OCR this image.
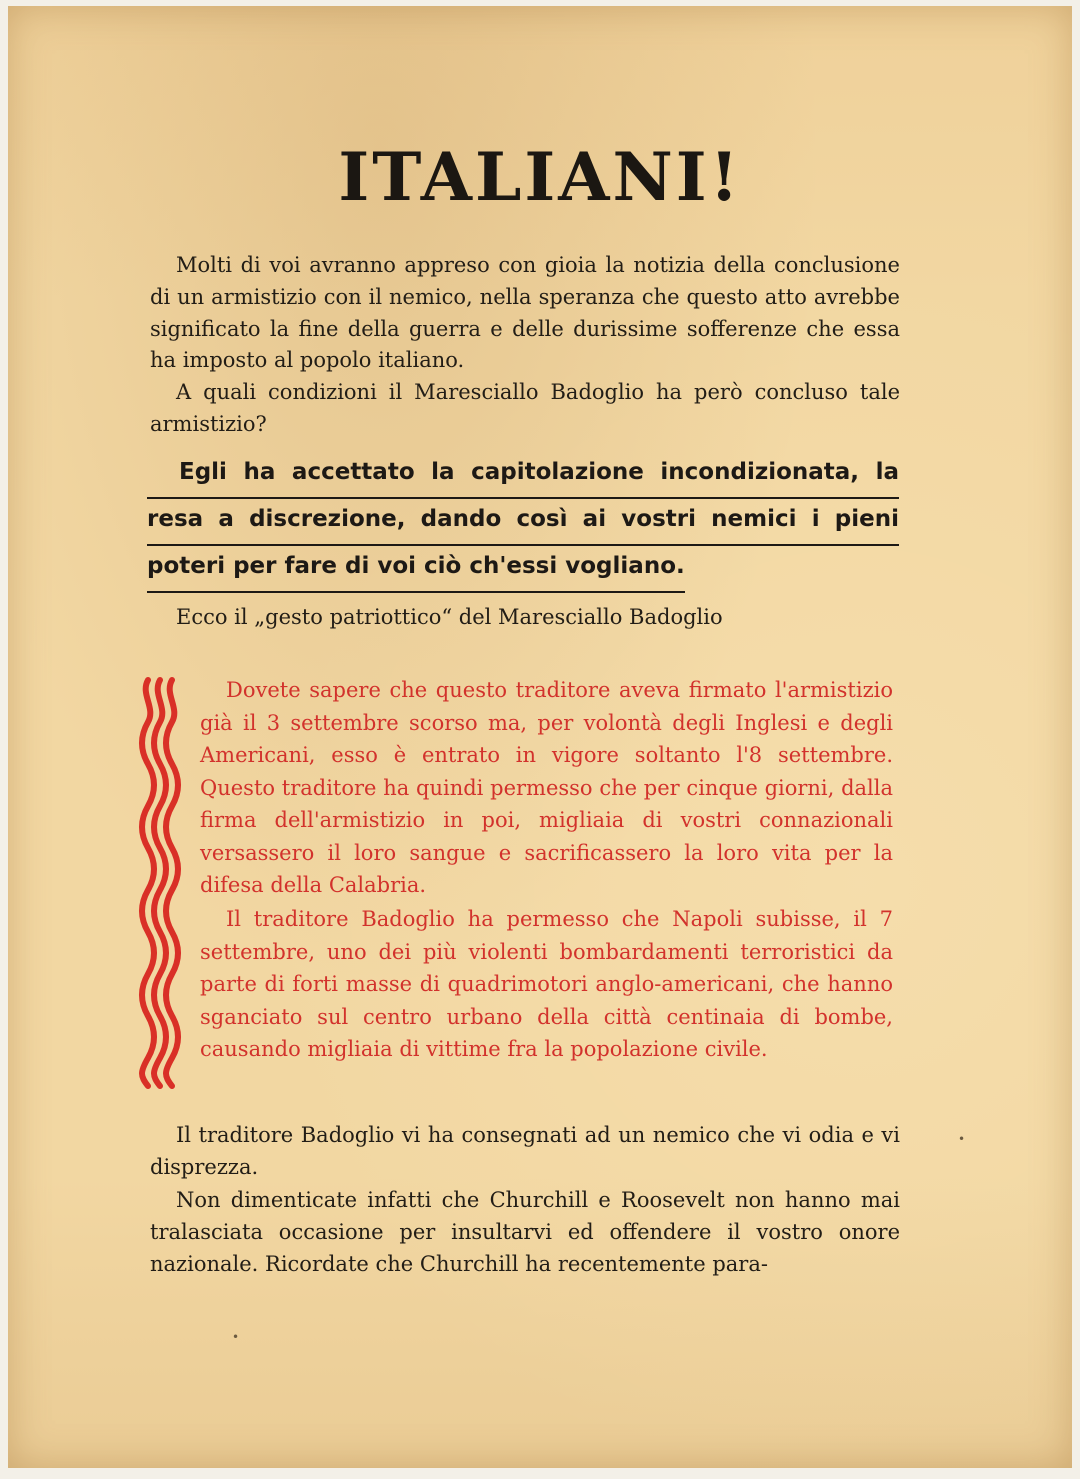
ITALIANI!

Molti di voi avranno appreso con gioia la notizia della conclusione di un armistizio con il nemico, nella speranza che questo atto avrebbe significato la fine della guerra e delle durissime sofferenze che essa ha imposto al popolo italiano.

A quali condizioni il Maresciallo Badoglio ha però concluso tale armistizio?

Egli ha accettato la capitolazione incondizionata, la
resa a discrezione, dando così ai vostri nemici i pieni
poteri per fare di voi ciò ch'essi vogliano.

Ecco il „gesto patriottico“ del Maresciallo Badoglio

Dovete sapere che questo traditore aveva firmato l'armistizio già il 3 settembre scorso ma, per volontà degli Inglesi e degli Americani, esso è entrato in vigore soltanto l'8 settembre. Questo traditore ha quindi permesso che per cinque giorni, dalla firma dell'armistizio in poi, migliaia di vostri connazionali versassero il loro sangue e sacrificassero la loro vita per la difesa della Calabria.

Il traditore Badoglio ha permesso che Napoli subisse, il 7 settembre, uno dei più violenti bombardamenti terroristici da parte di forti masse di quadrimotori anglo-americani, che hanno sganciato sul centro urbano della città centinaia di bombe, causando migliaia di vittime fra la popolazione civile.

Il traditore Badoglio vi ha consegnati ad un nemico che vi odia e vi disprezza.

Non dimenticate infatti che Churchill e Roosevelt non hanno mai tralasciata occasione per insultarvi ed offendere il vostro onore nazionale. Ricordate che Churchill ha recentemente para-

•
•
